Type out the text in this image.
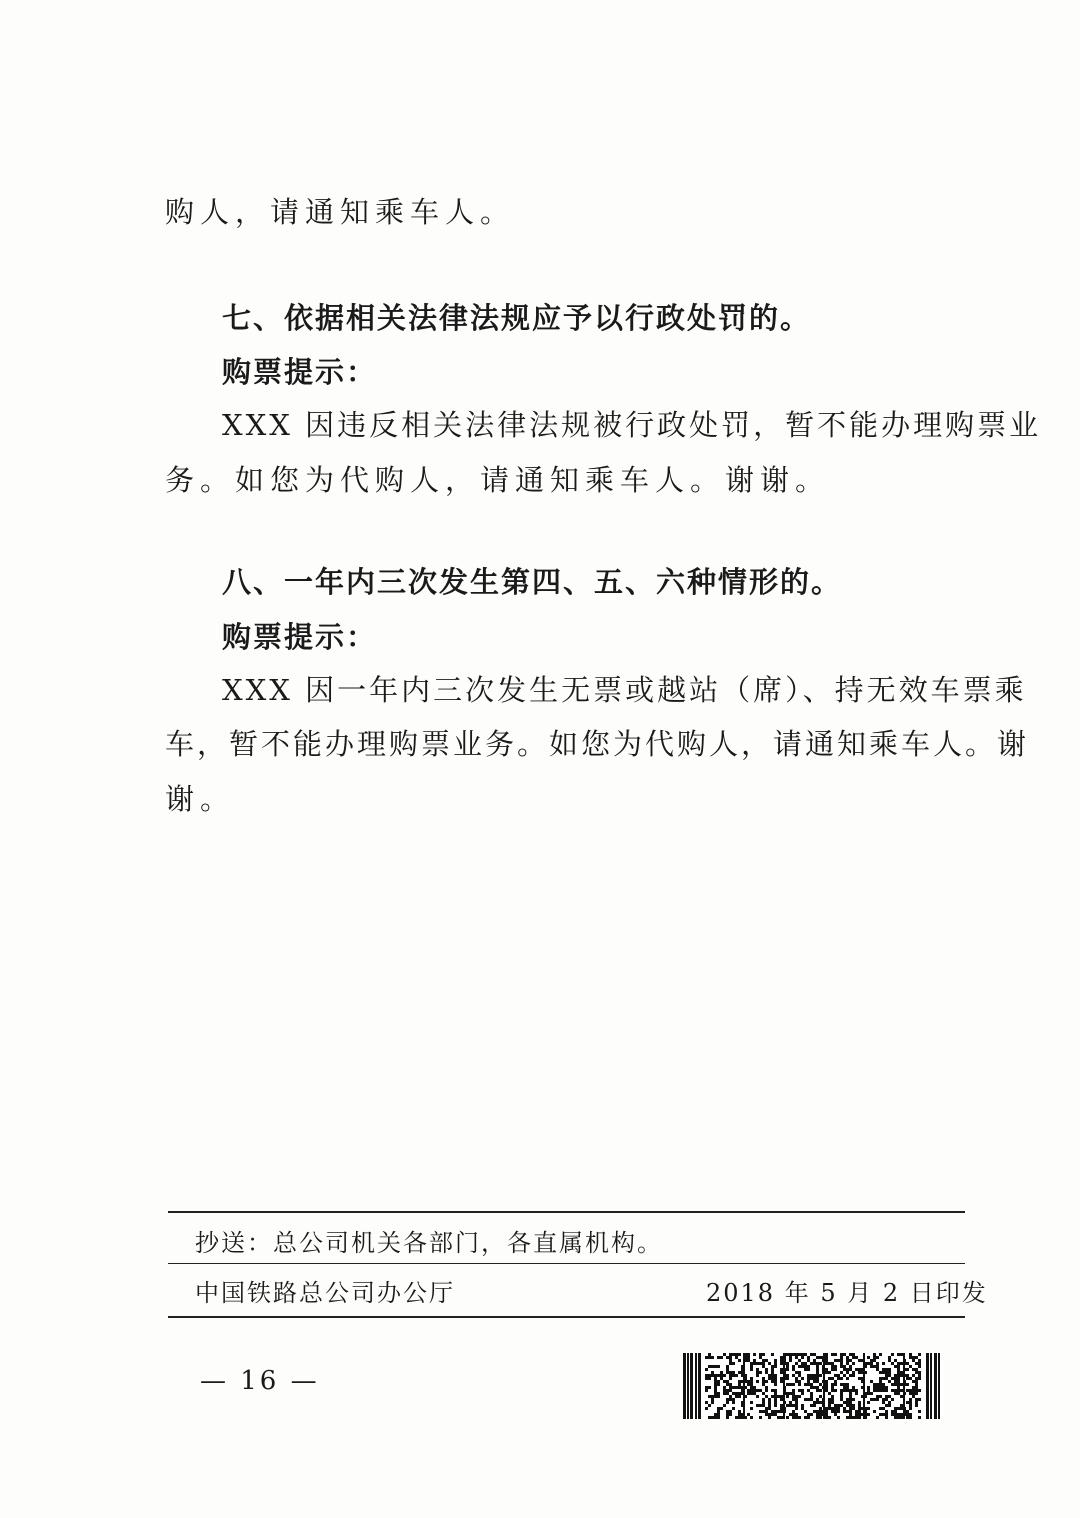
购人，请通知乘车人。
七、依据相关法律法规应予以行政处罚的。
购票提示：
XXX 因违反相关法律法规被行政处罚，暂不能办理购票业
务。如您为代购人，请通知乘车人。谢谢。
八、一年内三次发生第四、五、六种情形的。
购票提示：
XXX 因一年内三次发生无票或越站（席）、持无效车票乘
车，暂不能办理购票业务。如您为代购人，请通知乘车人。谢
谢。
抄送：总公司机关各部门，各直属机构。
中国铁路总公司办公厅	2018 年 5 月 2 日印发
— 16 —
